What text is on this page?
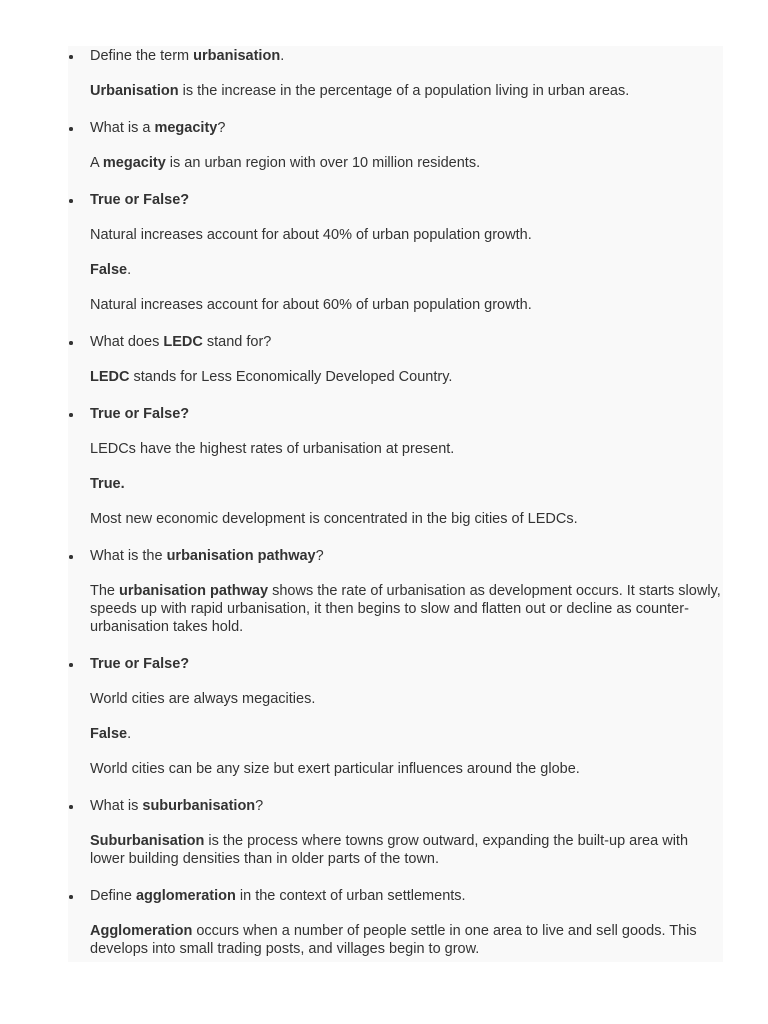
Define the term urbanisation.

Urbanisation is the increase in the percentage of a population living in urban areas.

What is a megacity?

A megacity is an urban region with over 10 million residents.

True or False?

Natural increases account for about 40% of urban population growth.

False.

Natural increases account for about 60% of urban population growth.

What does LEDC stand for?

LEDC stands for Less Economically Developed Country.

True or False?

LEDCs have the highest rates of urbanisation at present.

True.

Most new economic development is concentrated in the big cities of LEDCs.

What is the urbanisation pathway?

The urbanisation pathway shows the rate of urbanisation as development occurs. It starts slowly, speeds up with rapid urbanisation, it then begins to slow and flatten out or decline as counter-urbanisation takes hold.

True or False?

World cities are always megacities.

False.

World cities can be any size but exert particular influences around the globe.

What is suburbanisation?

Suburbanisation is the process where towns grow outward, expanding the built-up area with lower building densities than in older parts of the town.

Define agglomeration in the context of urban settlements.

Agglomeration occurs when a number of people settle in one area to live and sell goods. This develops into small trading posts, and villages begin to grow.
